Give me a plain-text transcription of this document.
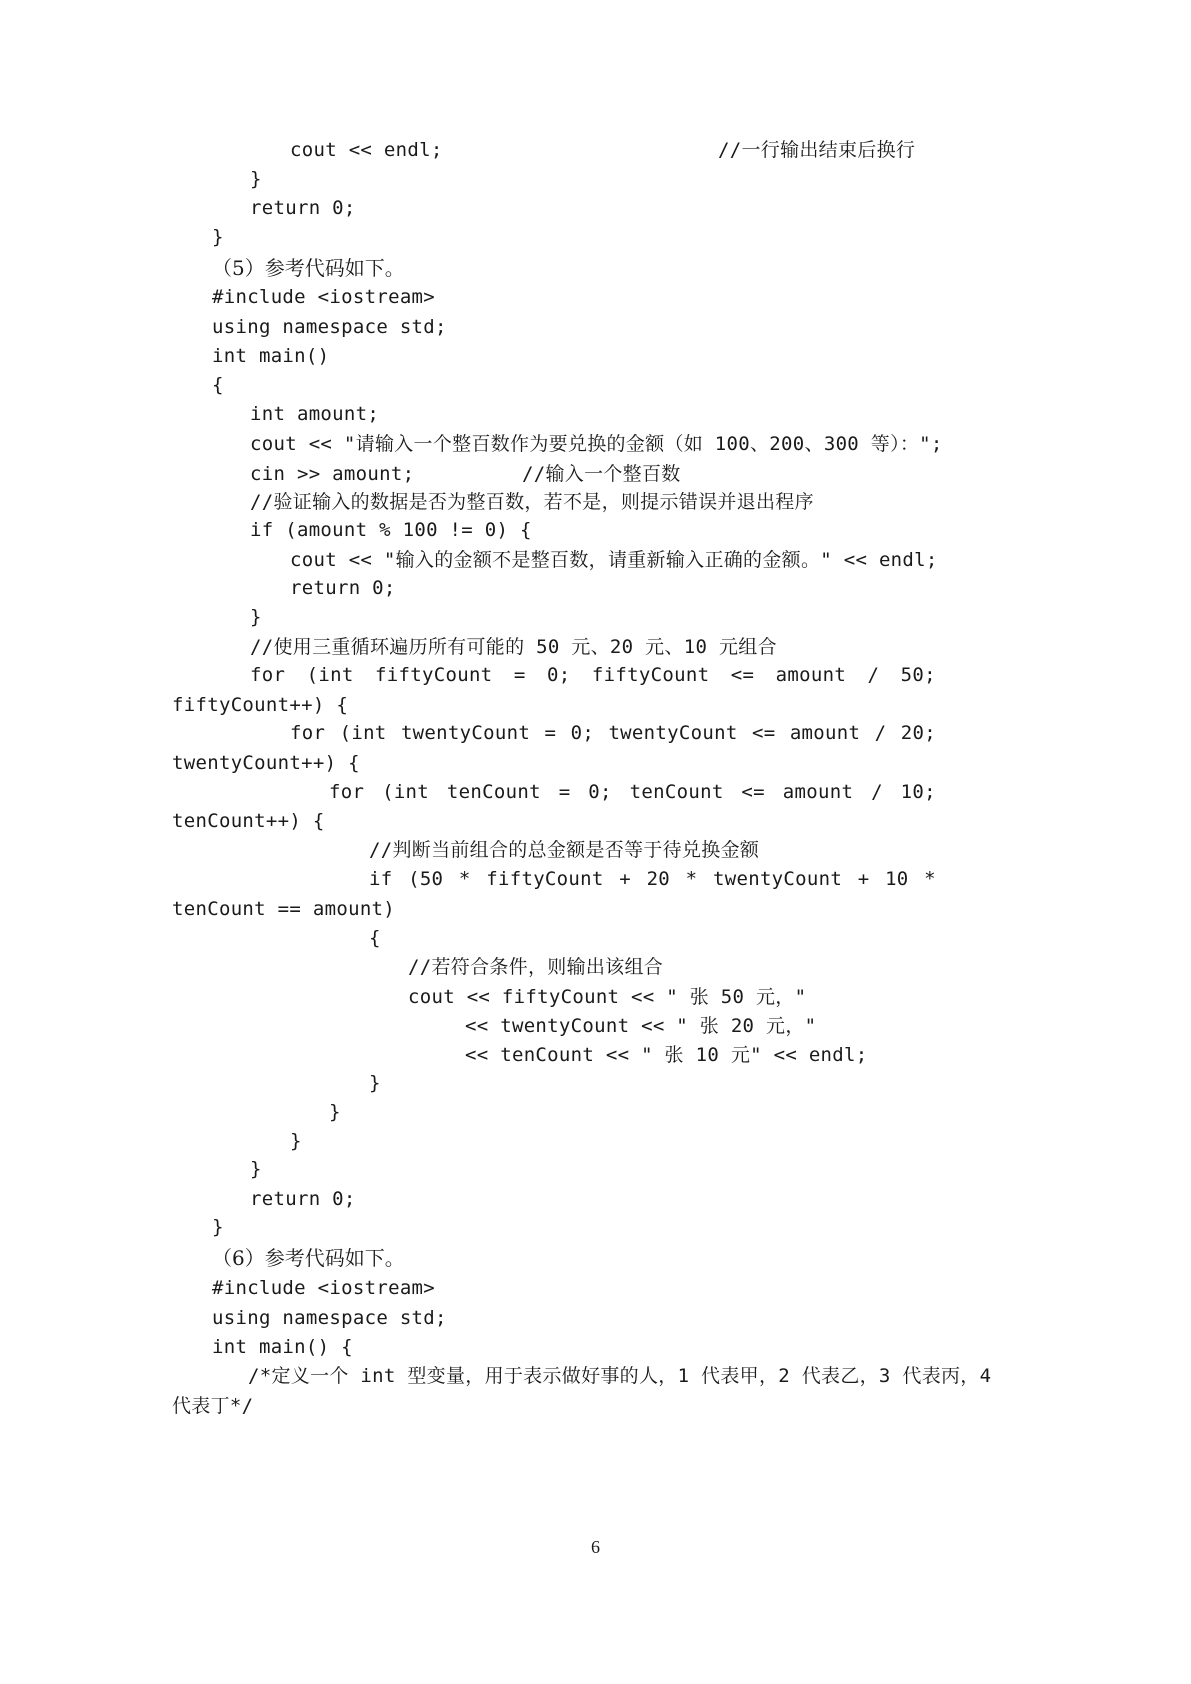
cout << endl;	//一行输出结束后换行
}
return 0;
}
（5）参考代码如下。
#include <iostream>
using namespace std;
int main()
{
int amount;
cout << "请输入一个整百数作为要兑换的金额（如 100、200、300 等）：";
cin >> amount;	//输入一个整百数
//验证输入的数据是否为整百数，若不是，则提示错误并退出程序
if (amount % 100 != 0) {
cout << "输入的金额不是整百数，请重新输入正确的金额。" << endl;
return 0;
}
//使用三重循环遍历所有可能的 50 元、20 元、10 元组合
for (int fiftyCount = 0; fiftyCount <= amount / 50;
fiftyCount++) {
for (int twentyCount = 0; twentyCount <= amount / 20;
twentyCount++) {
for (int tenCount = 0; tenCount <= amount / 10;
tenCount++) {
//判断当前组合的总金额是否等于待兑换金额
if (50 * fiftyCount + 20 * twentyCount + 10 *
tenCount == amount)
{
//若符合条件，则输出该组合
cout << fiftyCount << " 张 50 元，"
<< twentyCount << " 张 20 元，"
<< tenCount << " 张 10 元" << endl;
}
}
}
}
return 0;
}
（6）参考代码如下。
#include <iostream>
using namespace std;
int main() {
/*定义一个 int 型变量，用于表示做好事的人，1 代表甲，2 代表乙，3 代表丙，4
代表丁*/
6
